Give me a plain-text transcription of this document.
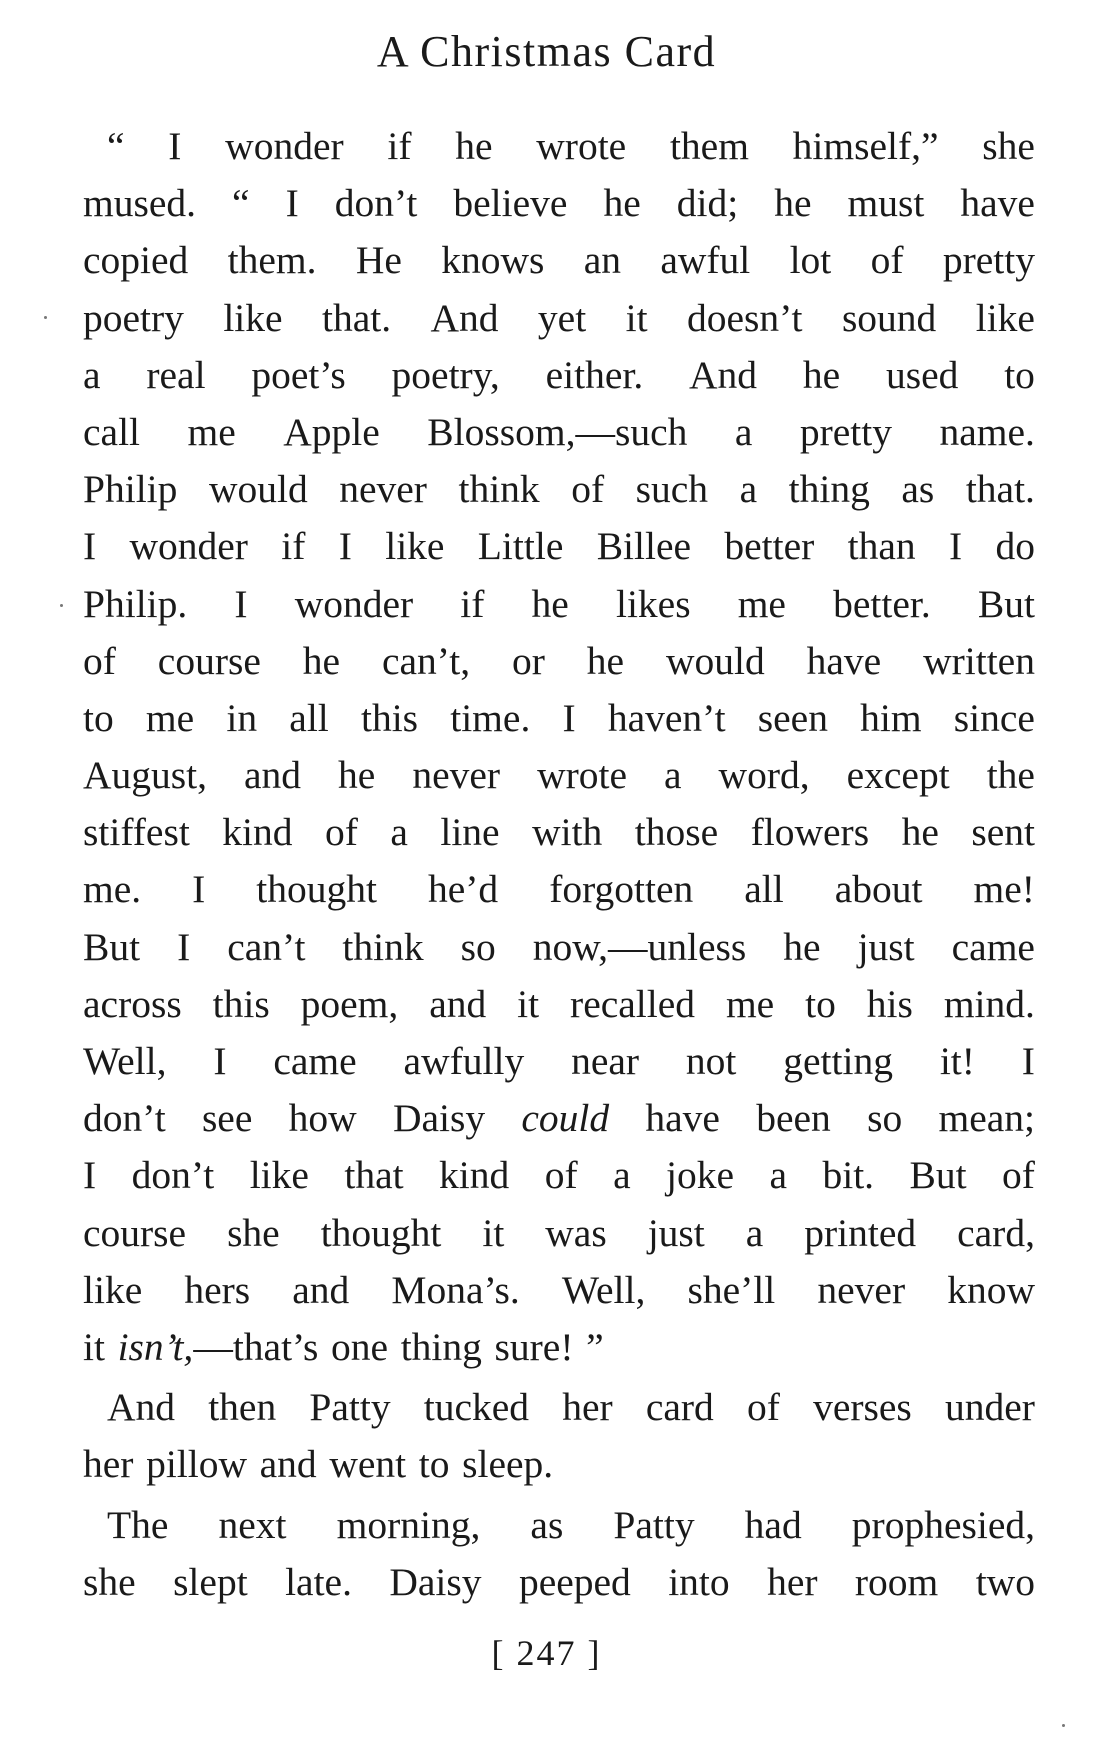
A Christmas Card
“ I wonder if he wrote them himself,” she
mused. “ I don’t believe he did; he must have
copied them. He knows an awful lot of pretty
poetry like that. And yet it doesn’t sound like
a real poet’s poetry, either. And he used to
call me Apple Blossom,—such a pretty name.
Philip would never think of such a thing as that.
I wonder if I like Little Billee better than I do
Philip. I wonder if he likes me better. But
of course he can’t, or he would have written
to me in all this time. I haven’t seen him since
August, and he never wrote a word, except the
stiffest kind of a line with those flowers he sent
me. I thought he’d forgotten all about me!
But I can’t think so now,—unless he just came
across this poem, and it recalled me to his mind.
Well, I came awfully near not getting it! I
don’t see how Daisy could have been so mean;
I don’t like that kind of a joke a bit. But of
course she thought it was just a printed card,
like hers and Mona’s. Well, she’ll never know
it isn’t,—that’s one thing sure! ”
And then Patty tucked her card of verses under
her pillow and went to sleep.
The next morning, as Patty had prophesied,
she slept late. Daisy peeped into her room two
[ 247 ]
